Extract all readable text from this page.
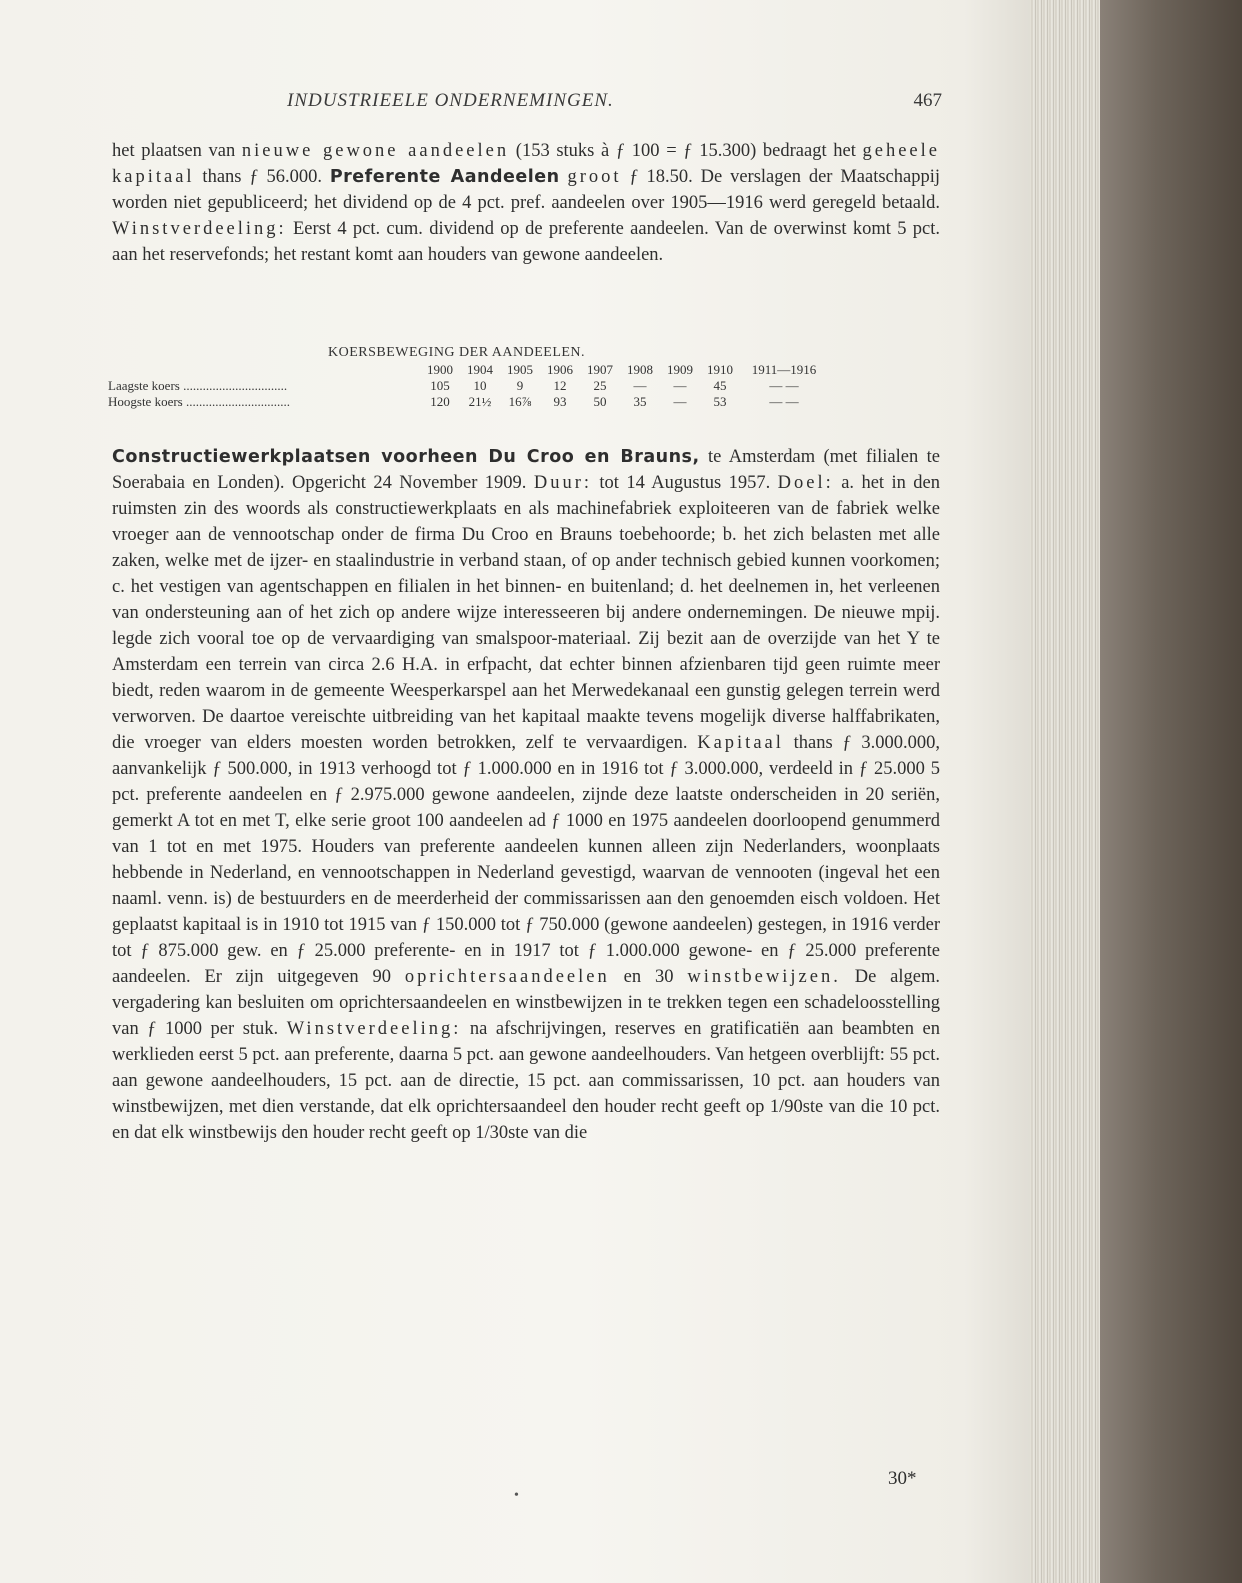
INDUSTRIEELE ONDERNEMINGEN.	467
het plaatsen van nieuwe gewone aandeelen (153 stuks à ƒ 100 = ƒ 15.300) bedraagt het geheele kapitaal thans ƒ 56.000. Preferente Aandeelen groot ƒ 18.50. De verslagen der Maatschappij worden niet gepubliceerd; het dividend op de 4 pct. pref. aandeelen over 1905—1916 werd geregeld betaald. Winstverdeeling: Eerst 4 pct. cum. dividend op de preferente aandeelen. Van de overwinst komt 5 pct. aan het reservefonds; het restant komt aan houders van gewone aandeelen.
KOERSBEWEGING DER AANDEELEN.
	1900	1904	1905	1906	1907	1908	1909	1910	1911—1916
Laagste koers ................................	105	10	9	12	25	—	—	45	— —
Hoogste koers ................................	120	21½	16⅞	93	50	35	—	53	— —
Constructiewerkplaatsen voorheen Du Croo en Brauns, te Amsterdam (met filialen te Soerabaia en Londen). Opgericht 24 November 1909. Duur: tot 14 Augustus 1957. Doel: a. het in den ruimsten zin des woords als constructiewerkplaats en als machinefabriek exploiteeren van de fabriek welke vroeger aan de vennootschap onder de firma Du Croo en Brauns toebehoorde; b. het zich belasten met alle zaken, welke met de ijzer- en staalindustrie in verband staan, of op ander technisch gebied kunnen voorkomen; c. het vestigen van agentschappen en filialen in het binnen- en buitenland; d. het deelnemen in, het verleenen van ondersteuning aan of het zich op andere wijze interesseeren bij andere ondernemingen. De nieuwe mpij. legde zich vooral toe op de vervaardiging van smalspoor-materiaal. Zij bezit aan de overzijde van het Y te Amsterdam een terrein van circa 2.6 H.A. in erfpacht, dat echter binnen afzienbaren tijd geen ruimte meer biedt, reden waarom in de gemeente Weesperkarspel aan het Merwedekanaal een gunstig gelegen terrein werd verworven. De daartoe vereischte uitbreiding van het kapitaal maakte tevens mogelijk diverse halffabrikaten, die vroeger van elders moesten worden betrokken, zelf te vervaardigen. Kapitaal thans ƒ 3.000.000, aanvankelijk ƒ 500.000, in 1913 verhoogd tot ƒ 1.000.000 en in 1916 tot ƒ 3.000.000, verdeeld in ƒ 25.000 5 pct. preferente aandeelen en ƒ 2.975.000 gewone aandeelen, zijnde deze laatste onderscheiden in 20 seriën, gemerkt A tot en met T, elke serie groot 100 aandeelen ad ƒ 1000 en 1975 aandeelen doorloopend genummerd van 1 tot en met 1975. Houders van preferente aandeelen kunnen alleen zijn Nederlanders, woonplaats hebbende in Nederland, en vennootschappen in Nederland gevestigd, waarvan de vennooten (ingeval het een naaml. venn. is) de bestuurders en de meerderheid der commissarissen aan den genoemden eisch voldoen. Het geplaatst kapitaal is in 1910 tot 1915 van ƒ 150.000 tot ƒ 750.000 (gewone aandeelen) gestegen, in 1916 verder tot ƒ 875.000 gew. en ƒ 25.000 preferente- en in 1917 tot ƒ 1.000.000 gewone- en ƒ 25.000 preferente aandeelen. Er zijn uitgegeven 90 oprichtersaandeelen en 30 winstbewijzen. De algem. vergadering kan besluiten om oprichtersaandeelen en winstbewijzen in te trekken tegen een schadeloosstelling van ƒ 1000 per stuk. Winstverdeeling: na afschrijvingen, reserves en gratificatiën aan beambten en werklieden eerst 5 pct. aan preferente, daarna 5 pct. aan gewone aandeelhouders. Van hetgeen overblijft: 55 pct. aan gewone aandeelhouders, 15 pct. aan de directie, 15 pct. aan commissarissen, 10 pct. aan houders van winstbewijzen, met dien verstande, dat elk oprichtersaandeel den houder recht geeft op 1/90ste van die 10 pct. en dat elk winstbewijs den houder recht geeft op 1/30ste van die
•
30*
